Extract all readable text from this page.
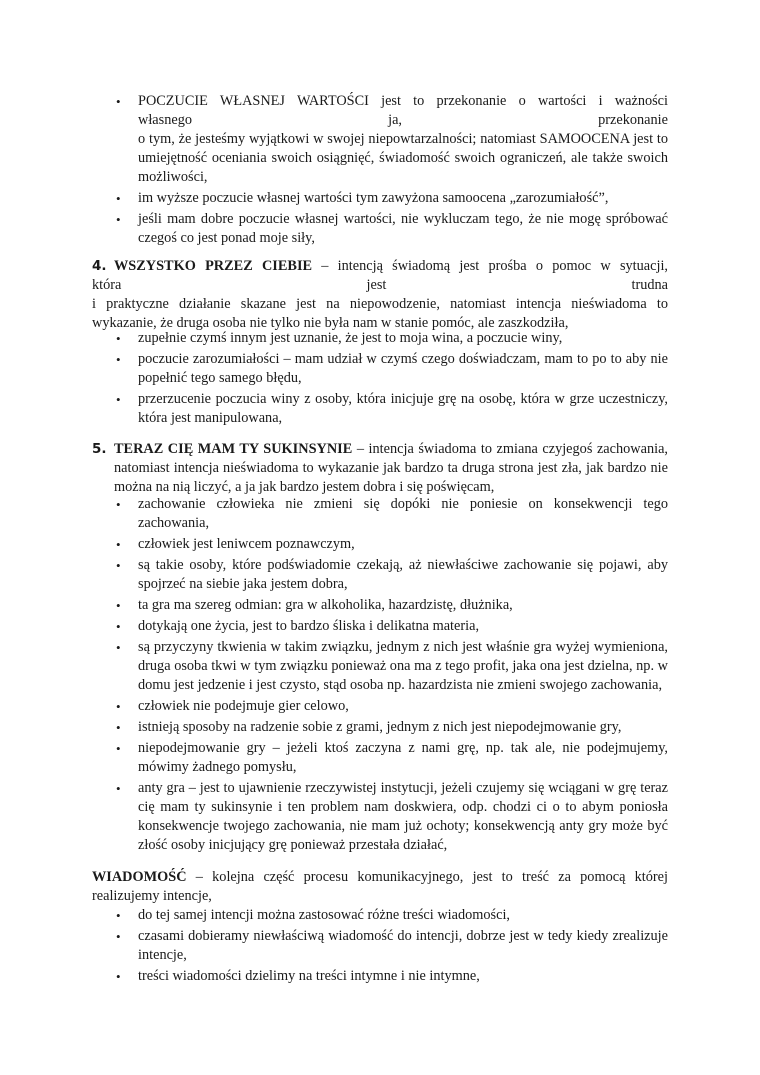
•	POCZUCIE WŁASNEJ WARTOŚCI jest to przekonanie o wartości i ważności
własnego ja, przekonanie
o tym, że jesteśmy wyjątkowi w swojej niepowtarzalności; natomiast SAMOOCENA jest to umiejętność oceniania swoich osiągnięć, świadomość swoich ograniczeń, ale także swoich możliwości,
•	im wyższe poczucie własnej wartości tym zawyżona samoocena „zarozumiałość”,
•	jeśli mam dobre poczucie własnej wartości, nie wykluczam tego, że nie mogę spróbować czegoś co jest ponad moje siły,
4. WSZYSTKO PRZEZ CIEBIE – intencją świadomą jest prośba o pomoc w sytuacji,
która jest trudna
i praktyczne działanie skazane jest na niepowodzenie, natomiast intencja nieświadoma to wykazanie, że druga osoba nie tylko nie była nam w stanie pomóc, ale zaszkodziła,
•	zupełnie czymś innym jest uznanie, że jest to moja wina, a poczucie winy,
•	poczucie zarozumiałości – mam udział w czymś czego doświadczam, mam to po to aby nie popełnić tego samego błędu,
•	przerzucenie poczucia winy z osoby, która inicjuje grę na osobę, która w grze uczestniczy, która jest manipulowana,
5. TERAZ CIĘ MAM TY SUKINSYNIE – intencja świadoma to zmiana czyjegoś zachowania, natomiast intencja nieświadoma to wykazanie jak bardzo ta druga strona jest zła, jak bardzo nie można na nią liczyć, a ja jak bardzo jestem dobra i się poświęcam,
•	zachowanie człowieka nie zmieni się dopóki nie poniesie on konsekwencji tego zachowania,
•	człowiek jest leniwcem poznawczym,
•	są takie osoby, które podświadomie czekają, aż niewłaściwe zachowanie się pojawi, aby spojrzeć na siebie jaka jestem dobra,
•	ta gra ma szereg odmian: gra w alkoholika, hazardzistę, dłużnika,
•	dotykają one życia, jest to bardzo śliska i delikatna materia,
•	są przyczyny tkwienia w takim związku, jednym z nich jest właśnie gra wyżej wymieniona, druga osoba tkwi w tym związku ponieważ ona ma z tego profit, jaka ona jest dzielna, np. w domu jest jedzenie i jest czysto, stąd osoba np. hazardzista nie zmieni swojego zachowania,
•	człowiek nie podejmuje gier celowo,
•	istnieją sposoby na radzenie sobie z grami, jednym z nich jest niepodejmowanie gry,
•	niepodejmowanie gry – jeżeli ktoś zaczyna z nami grę, np. tak ale, nie podejmujemy, mówimy żadnego pomysłu,
•	anty gra – jest to ujawnienie rzeczywistej instytucji, jeżeli czujemy się wciągani w grę teraz cię mam ty sukinsynie i ten problem nam doskwiera, odp. chodzi ci o to abym poniosła konsekwencje twojego zachowania, nie mam już ochoty; konsekwencją anty gry może być złość osoby inicjujący grę ponieważ przestała działać,
WIADOMOŚĆ – kolejna część procesu komunikacyjnego, jest to treść za pomocą której realizujemy intencje,
•	do tej samej intencji można zastosować różne treści wiadomości,
•	czasami dobieramy niewłaściwą wiadomość do intencji, dobrze jest w tedy kiedy zrealizuje intencje,
•	treści wiadomości dzielimy na treści intymne i nie intymne,
